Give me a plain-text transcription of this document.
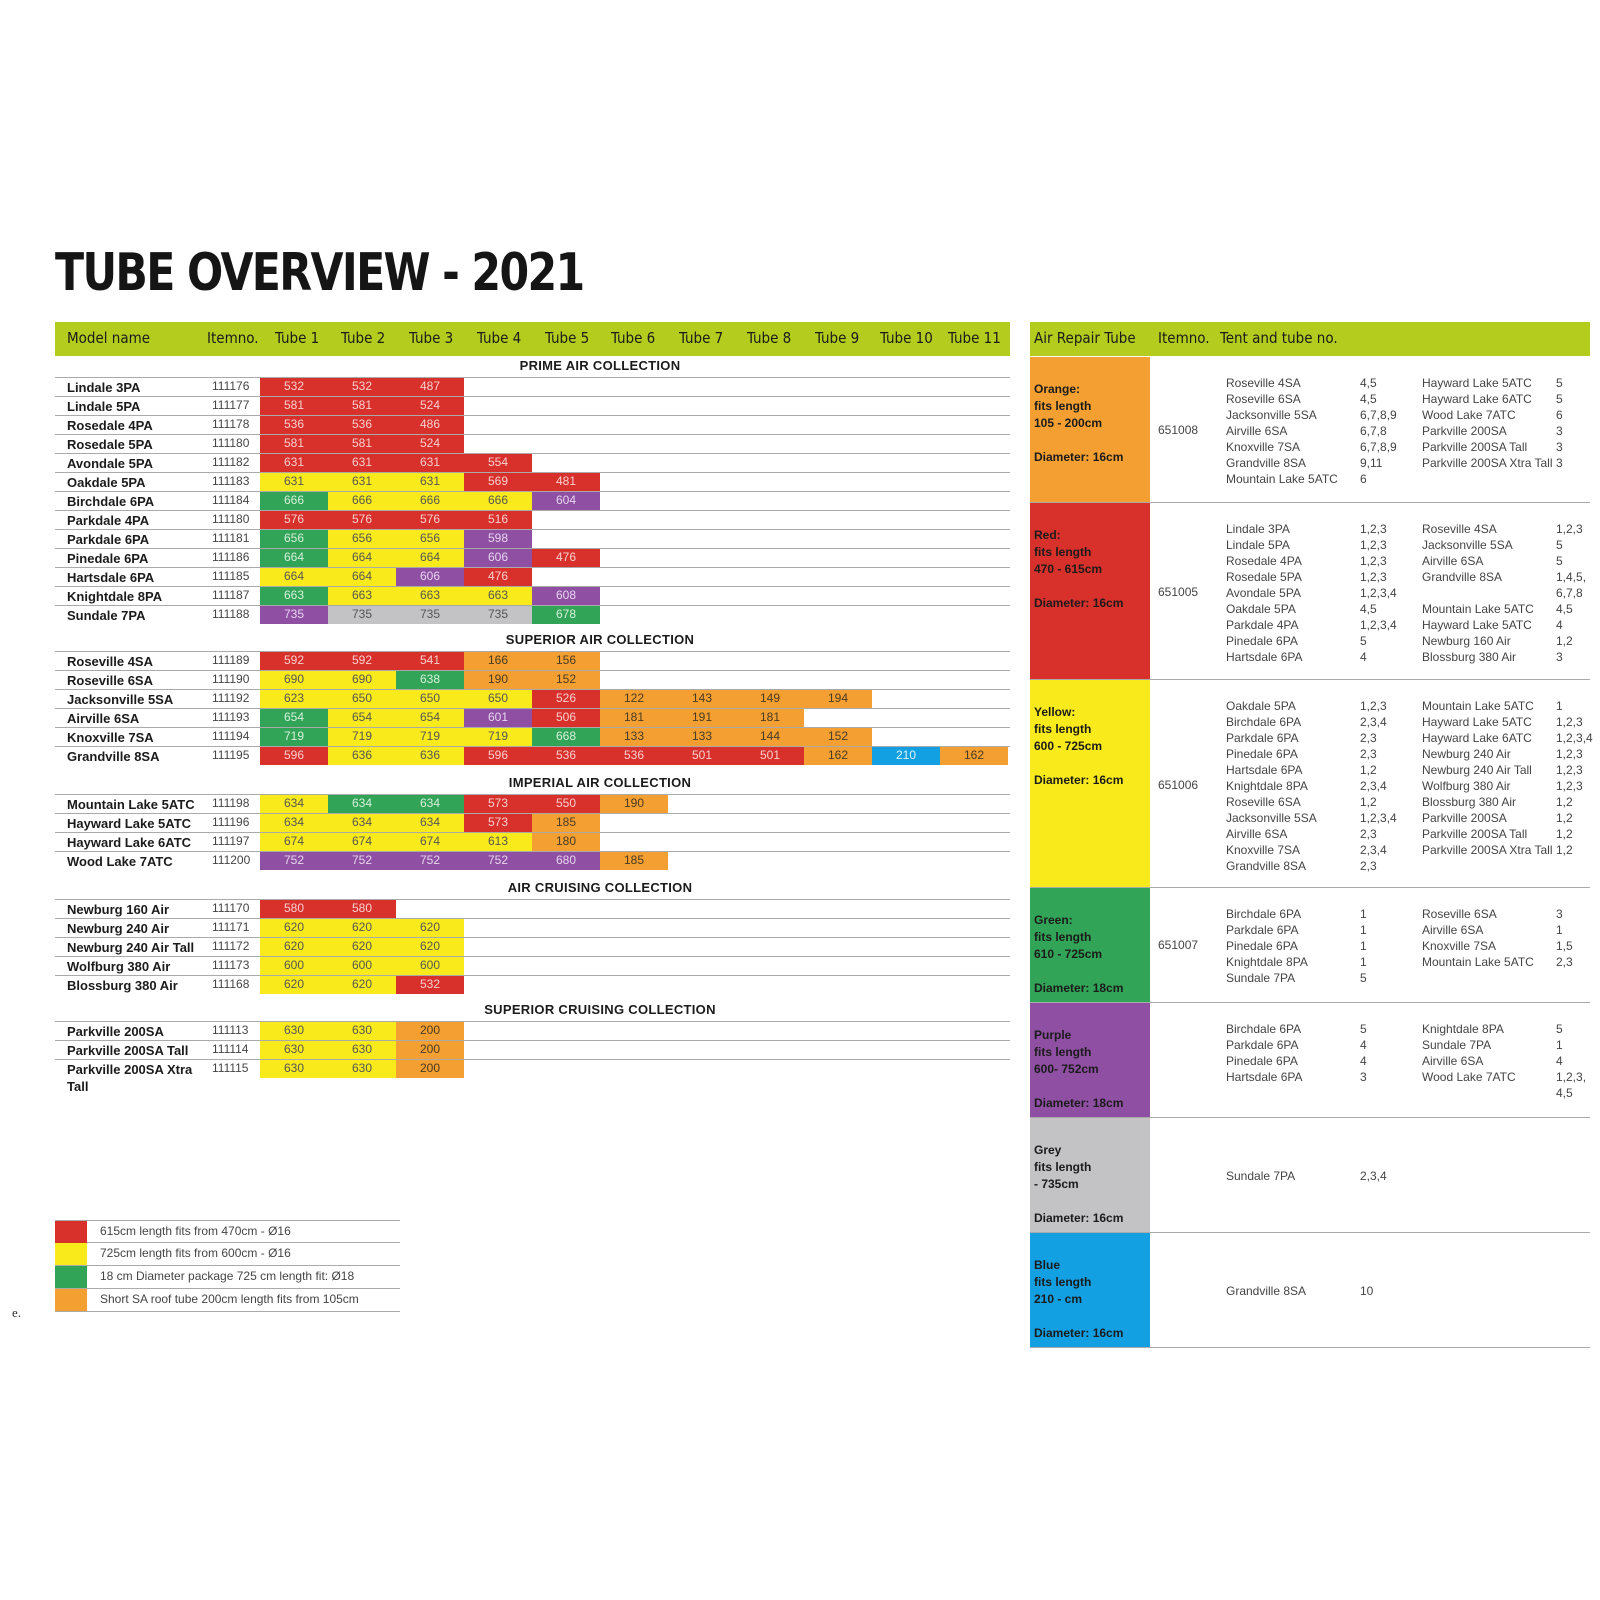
TUBE OVERVIEW - 2021
Model name	Itemno. Tube 1 Tube 2 Tube 3 Tube 4 Tube 5 Tube 6 Tube 7 Tube 8 Tube 9 Tube 10 Tube 11
PRIME AIR COLLECTION
Lindale 3PA	111176	532	532	487
Lindale 5PA	111177	581	581	524
Rosedale 4PA	111178	536	536	486
Rosedale 5PA	111180	581	581	524
Avondale 5PA	111182	631	631	631	554
Oakdale 5PA	111183	631	631	631	569	481
Birchdale 6PA	111184	666	666	666	666	604
Parkdale 4PA	111180	576	576	576	516
Parkdale 6PA	111181	656	656	656	598
Pinedale 6PA	111186	664	664	664	606	476
Hartsdale 6PA	111185	664	664	606	476
Knightdale 8PA	111187	663	663	663	663	608
Sundale 7PA	111188	735	735	735	735	678
SUPERIOR AIR COLLECTION
Roseville 4SA	111189	592	592	541	166	156
Roseville 6SA	111190	690	690	638	190	152
Jacksonville 5SA	111192	623	650	650	650	526	122	143	149	194
Airville 6SA	111193	654	654	654	601	506	181	191	181
Knoxville 7SA	111194	719	719	719	719	668	133	133	144	152
Grandville 8SA	111195	596	636	636	596	536	536	501	501	162	210	162
IMPERIAL AIR COLLECTION
Mountain Lake 5ATC 111198	634	634	634	573	550	190
Hayward Lake 5ATC 111196	634	634	634	573	185
Hayward Lake 6ATC 111197	674	674	674	613	180
Wood Lake 7ATC	111200	752	752	752	752	680	185
AIR CRUISING COLLECTION
Newburg 160 Air	111170	580	580
Newburg 240 Air	111171	620	620	620
Newburg 240 Air Tall 111172	620	620	620
Wolfburg 380 Air	111173	600	600	600
Blossburg 380 Air	111168	620	620	532
SUPERIOR CRUISING COLLECTION
Parkville 200SA	111113	630	630	200
Parkville 200SA Tall 111114	630	630	200
Parkville 200SA Xtra Tall
111115	630	630	200
Air Repair Tube Itemno. Tent and tube no.
Orange:
fits length
105 - 200cm
Diameter: 16cm
651008
Roseville 4SA	4,5
Roseville 6SA	4,5
Jacksonville 5SA	6,7,8,9
Airville 6SA	6,7,8
Knoxville 7SA	6,7,8,9
Grandville 8SA	9,11
Mountain Lake 5ATC 6
Hayward Lake 5ATC 5
Hayward Lake 6ATC 5
Wood Lake 7ATC	6
Parkville 200SA	3
Parkville 200SA Tall 3
Parkville 200SA Xtra Tall 3
Red:
fits length
470 - 615cm
Diameter: 16cm
651005
Lindale 3PA	1,2,3
Lindale 5PA	1,2,3
Rosedale 4PA	1,2,3
Rosedale 5PA	1,2,3
Avondale 5PA	1,2,3,4
Oakdale 5PA	4,5
Parkdale 4PA	1,2,3,4
Pinedale 6PA	5
Hartsdale 6PA	4
Roseville 4SA	1,2,3
Jacksonville 5SA	5
Airville 6SA	5
Grandville 8SA	1,4,5,
6,7,8
Mountain Lake 5ATC 4,5
Hayward Lake 5ATC 4
Newburg 160 Air	1,2
Blossburg 380 Air	3
Yellow:
fits length
600 - 725cm
Diameter: 16cm	651006
Oakdale 5PA	1,2,3
Birchdale 6PA	2,3,4
Parkdale 6PA	2,3
Pinedale 6PA	2,3
Hartsdale 6PA	1,2
Knightdale 8PA	2,3,4
Roseville 6SA	1,2
Jacksonville 5SA	1,2,3,4
Airville 6SA	2,3
Knoxville 7SA	2,3,4
Grandville 8SA	2,3
Mountain Lake 5ATC 1
Hayward Lake 5ATC 1,2,3
Hayward Lake 6ATC 1,2,3,4
Newburg 240 Air	1,2,3
Newburg 240 Air Tall 1,2,3
Wolfburg 380 Air	1,2,3
Blossburg 380 Air	1,2
Parkville 200SA	1,2
Parkville 200SA Tall 1,2
Parkville 200SA Xtra Tall 1,2
Green:
fits length
610 - 725cm
Diameter: 18cm
651007
Birchdale 6PA	1
Parkdale 6PA	1
Pinedale 6PA	1
Knightdale 8PA	1
Sundale 7PA	5
Roseville 6SA	3
Airville 6SA	1
Knoxville 7SA	1,5
Mountain Lake 5ATC 2,3
Purple
fits length
600- 752cm
Diameter: 18cm
Birchdale 6PA	5
Parkdale 6PA	4
Pinedale 6PA	4
Hartsdale 6PA	3
Knightdale 8PA	5
Sundale 7PA	1
Airville 6SA	4
Wood Lake 7ATC	1,2,3,
4,5
Grey
fits length
- 735cm
Diameter: 16cm
Sundale 7PA	2,3,4
Blue
fits length
210 - cm
Diameter: 16cm
Grandville 8SA	10
615cm length fits from 470cm - Ø16
725cm length fits from 600cm - Ø16
18 cm Diameter package 725 cm length fit: Ø18
Short SA roof tube 200cm length fits from 105cm
e.
